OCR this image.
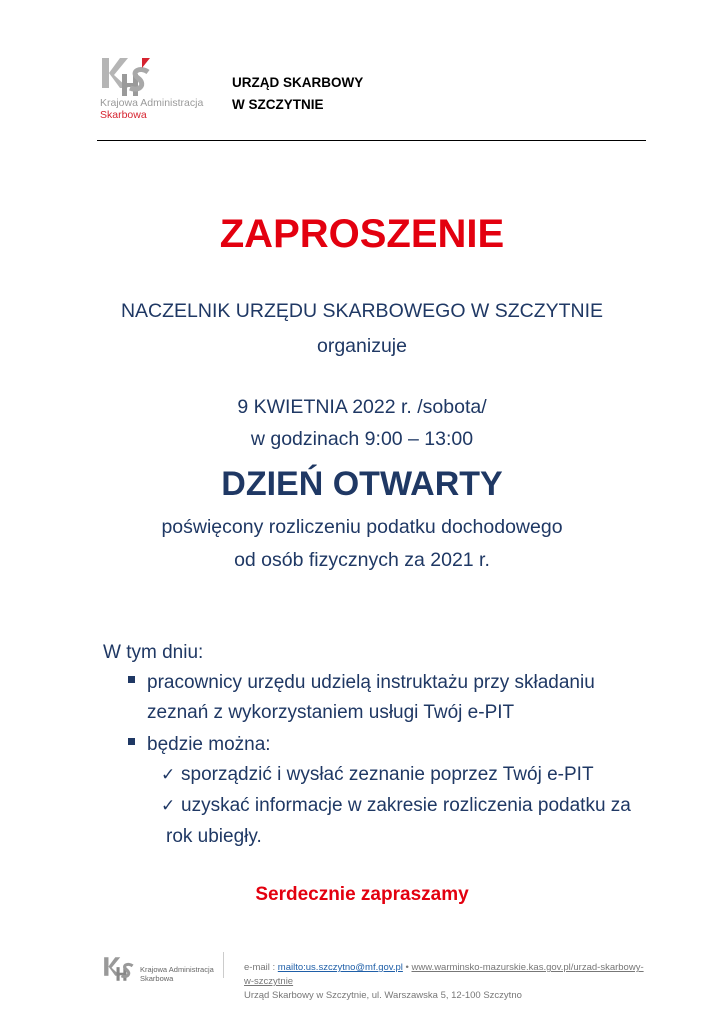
Krajowa Administracja
Skarbowa
URZĄD SKARBOWY
W SZCZYTNIE
ZAPROSZENIE
NACZELNIK URZĘDU SKARBOWEGO W SZCZYTNIE
organizuje
9 KWIETNIA 2022 r. /sobota/
w godzinach 9:00 – 13:00
DZIEŃ OTWARTY
poświęcony rozliczeniu podatku dochodowego
od osób fizycznych za 2021 r.
W tym dniu:
pracownicy urzędu udzielą instruktażu przy składaniu
zeznań z wykorzystaniem usługi Twój e-PIT
będzie można:
✓ sporządzić i wysłać zeznanie poprzez Twój e-PIT
✓ uzyskać informacje w zakresie rozliczenia podatku za
rok ubiegły.
Serdecznie zapraszamy
Krajowa Administracja
Skarbowa
e-mail : mailto:us.szczytno@mf.gov.pl • www.warminsko-mazurskie.kas.gov.pl/urzad-skarbowy-w-szczytnie
Urząd Skarbowy w Szczytnie, ul. Warszawska 5, 12-100 Szczytno
